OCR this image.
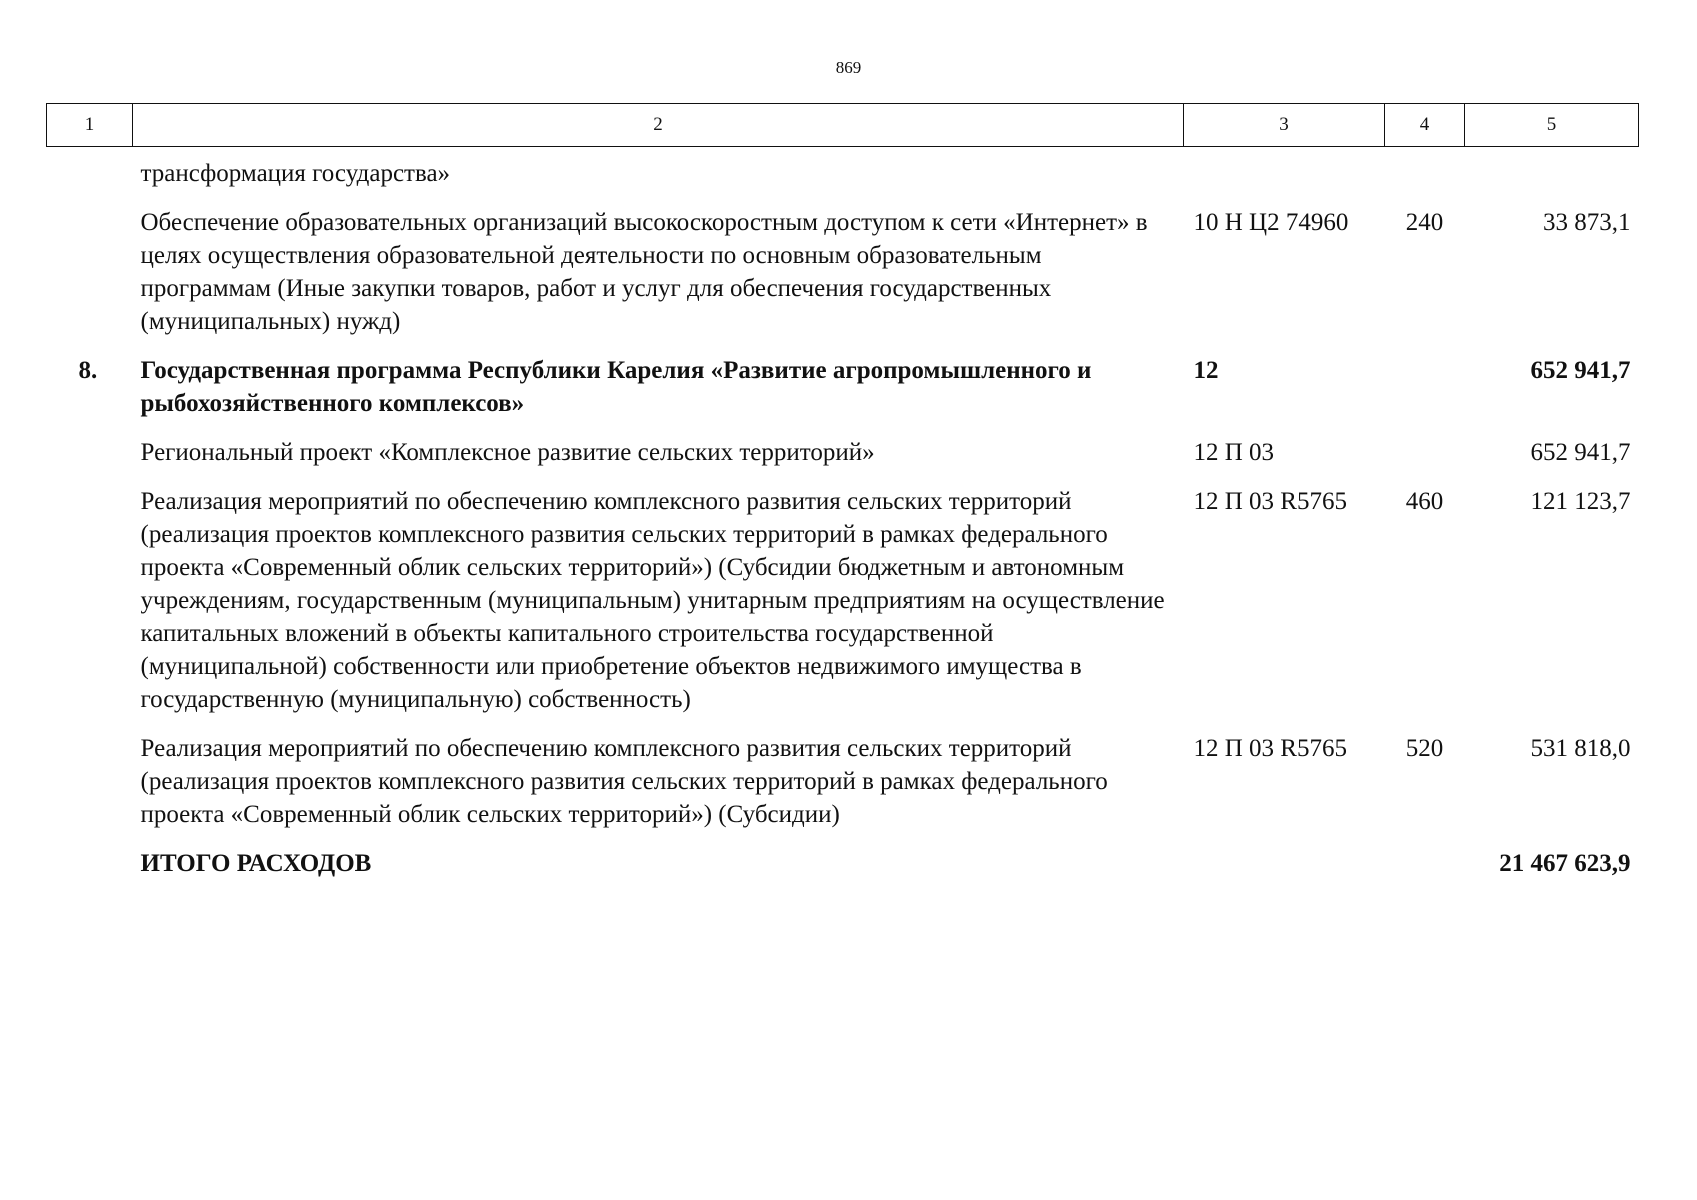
869
1	2	3	4	5
	трансформация государства»			
	Обеспечение образовательных организаций высокоскоростным доступом к сети «Интернет» в целях осуществления образовательной деятельности по основным образовательным программам (Иные закупки товаров, работ и услуг для обеспечения государственных (муниципальных) нужд)	10 Н Ц2 74960	240	33 873,1
8.	Государственная программа Республики Карелия «Развитие агропромышленного и рыбохозяйственного комплексов»	12		652 941,7
	Региональный проект «Комплексное развитие сельских территорий»	12 П 03		652 941,7
	Реализация мероприятий по обеспечению комплексного развития сельских территорий (реализация проектов комплексного развития сельских территорий в рамках федерального проекта «Современный облик сельских территорий») (Субсидии бюджетным и автономным учреждениям, государственным (муниципальным) унитарным предприятиям на осуществление капитальных вложений в объекты капитального строительства государственной (муниципальной) собственности или приобретение объектов недвижимого имущества в государственную (муниципальную) собственность)	12 П 03 R5765	460	121 123,7
	Реализация мероприятий по обеспечению комплексного развития сельских территорий (реализация проектов комплексного развития сельских территорий в рамках федерального проекта «Современный облик сельских территорий») (Субсидии)	12 П 03 R5765	520	531 818,0
	ИТОГО РАСХОДОВ			21 467 623,9
